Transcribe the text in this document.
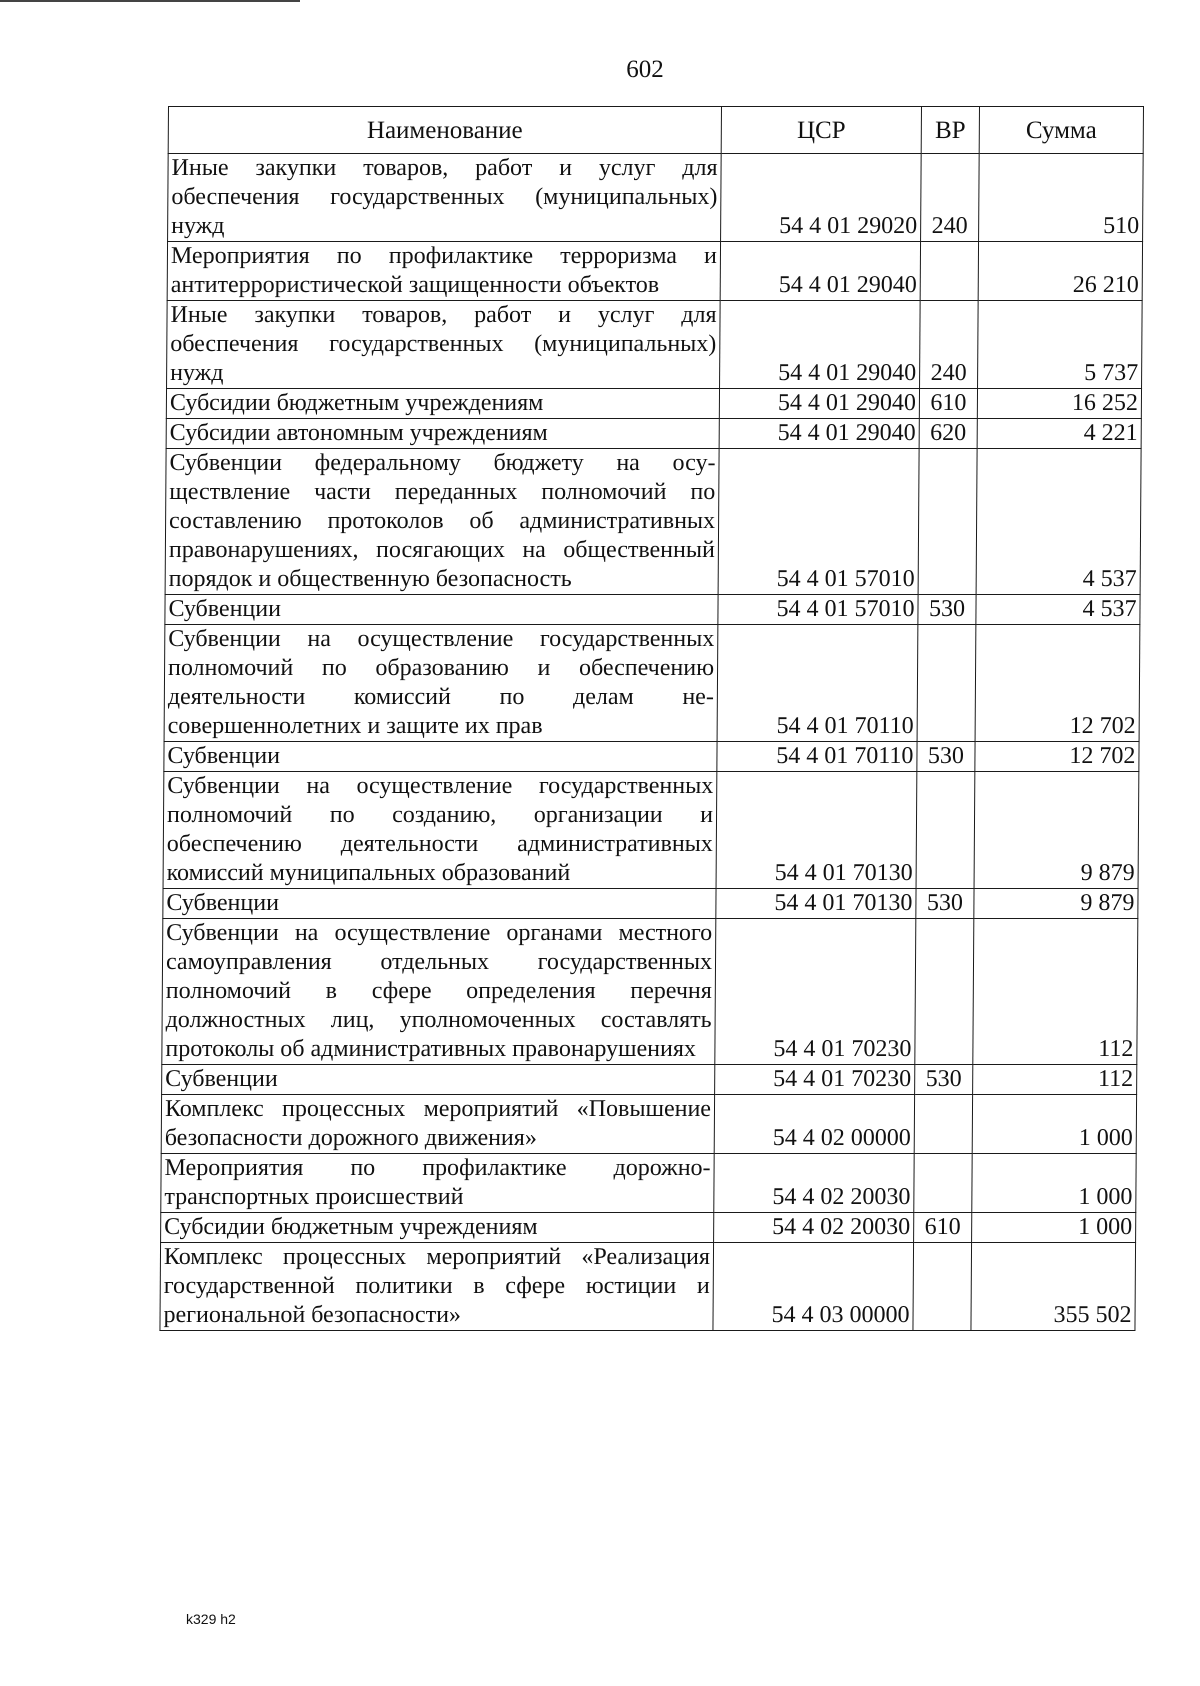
602
Наименование	ЦСР	ВР	Сумма
Иные закупки товаров, работ и услуг для обеспечения государственных (муниципальных) нужд	54 4 01 29020	240	510
Мероприятия по профилактике терроризма и антитеррористической защищенности объектов	54 4 01 29040		26 210
Иные закупки товаров, работ и услуг для обеспечения государственных (муниципальных) нужд	54 4 01 29040	240	5 737
Субсидии бюджетным учреждениям	54 4 01 29040	610	16 252
Субсидии автономным учреждениям	54 4 01 29040	620	4 221
Субвенции федеральному бюджету на осуществление части переданных полномочий по составлению протоколов об административных правонарушениях, посягающих на общественный порядок и общественную безопасность	54 4 01 57010		4 537
Субвенции	54 4 01 57010	530	4 537
Субвенции на осуществление государственных полномочий по образованию и обеспечению деятельности комиссий по делам несовершеннолетних и защите их прав	54 4 01 70110		12 702
Субвенции	54 4 01 70110	530	12 702
Субвенции на осуществление государственных полномочий по созданию, организации и обеспечению деятельности административных комиссий муниципальных образований	54 4 01 70130		9 879
Субвенции	54 4 01 70130	530	9 879
Субвенции на осуществление органами местного самоуправления отдельных государственных полномочий в сфере определения перечня должностных лиц, уполномоченных составлять протоколы об административных правонарушениях	54 4 01 70230		112
Субвенции	54 4 01 70230	530	112
Комплекс процессных мероприятий «Повышение безопасности дорожного движения»	54 4 02 00000		1 000
Мероприятия по профилактике дорожно-транспортных происшествий	54 4 02 20030		1 000
Субсидии бюджетным учреждениям	54 4 02 20030	610	1 000
Комплекс процессных мероприятий «Реализация государственной политики в сфере юстиции и региональной безопасности»	54 4 03 00000		355 502
k329 h2
